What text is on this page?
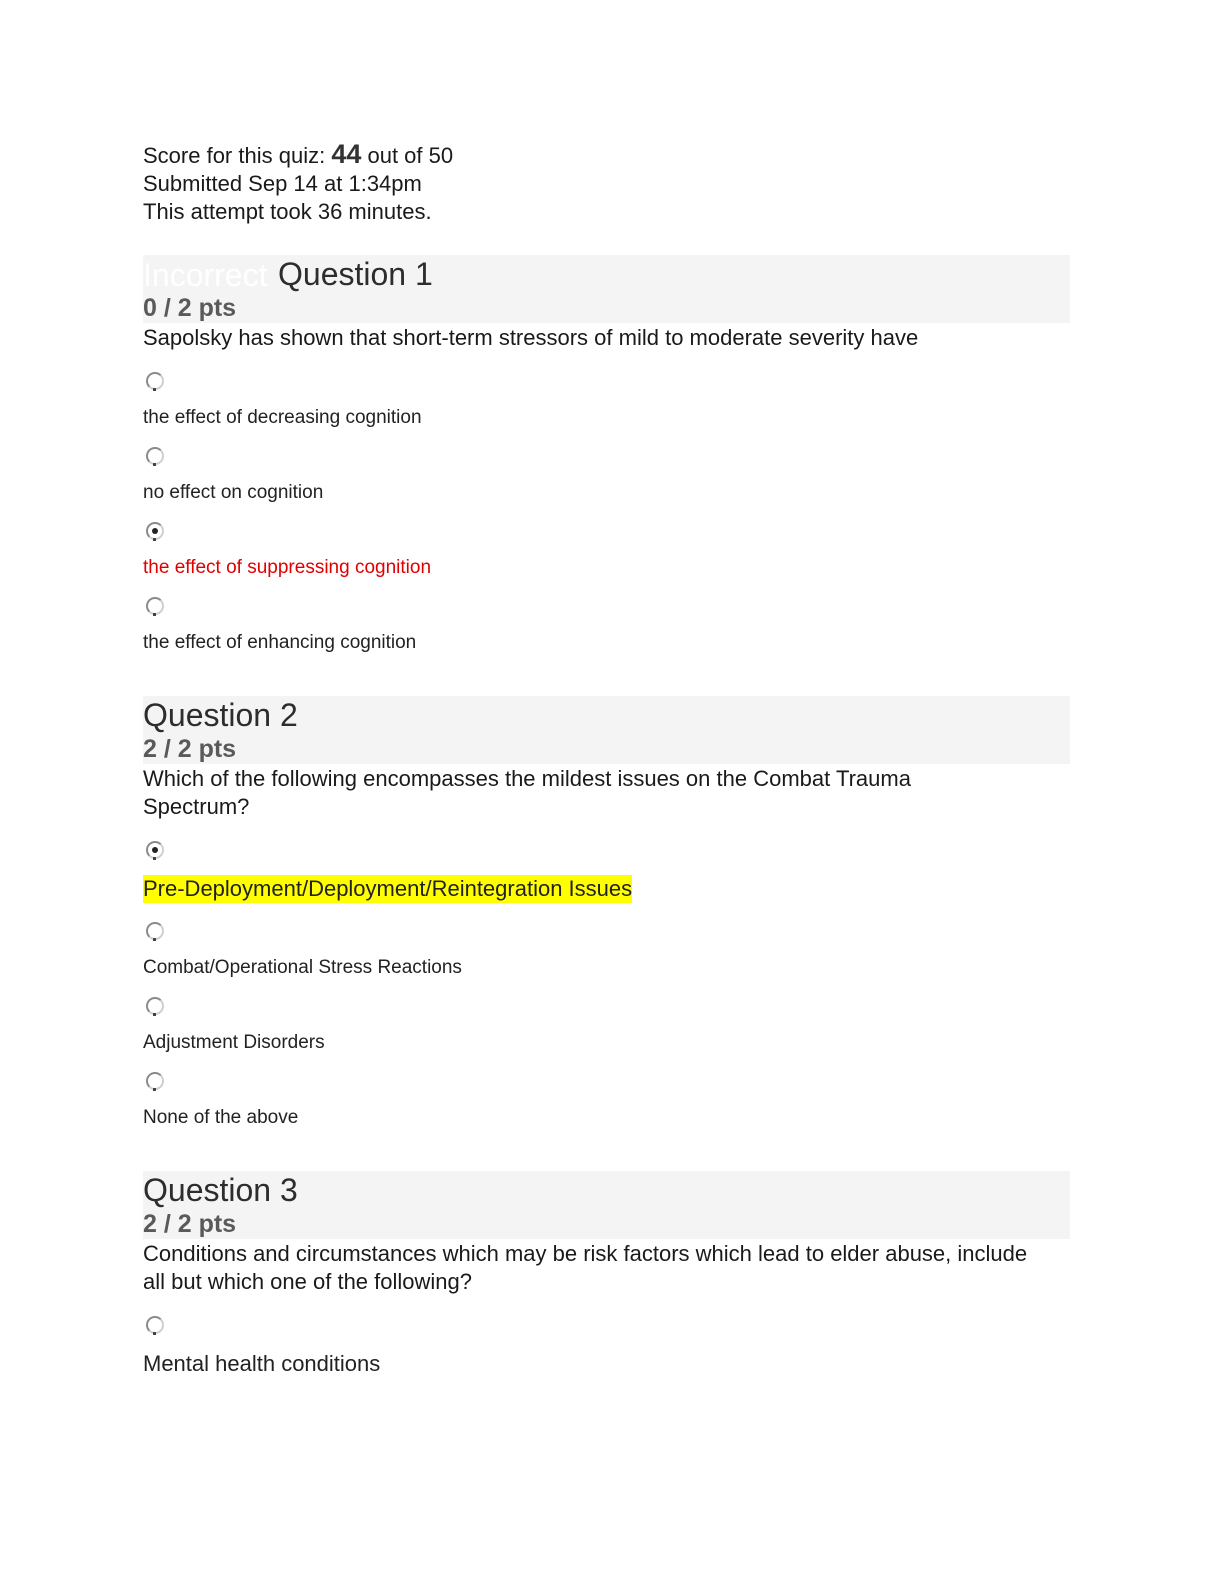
Score for this quiz: 44 out of 50
Submitted Sep 14 at 1:34pm
This attempt took 36 minutes.
Incorrect Question 1
0 / 2 pts
Sapolsky has shown that short-term stressors of mild to moderate severity have
the effect of decreasing cognition
no effect on cognition
the effect of suppressing cognition
the effect of enhancing cognition
Question 2
2 / 2 pts
Which of the following encompasses the mildest issues on the Combat Trauma Spectrum?
Pre-Deployment/Deployment/Reintegration Issues
Combat/Operational Stress Reactions
Adjustment Disorders
None of the above
Question 3
2 / 2 pts
Conditions and circumstances which may be risk factors which lead to elder abuse, include all but which one of the following?
Mental health conditions
